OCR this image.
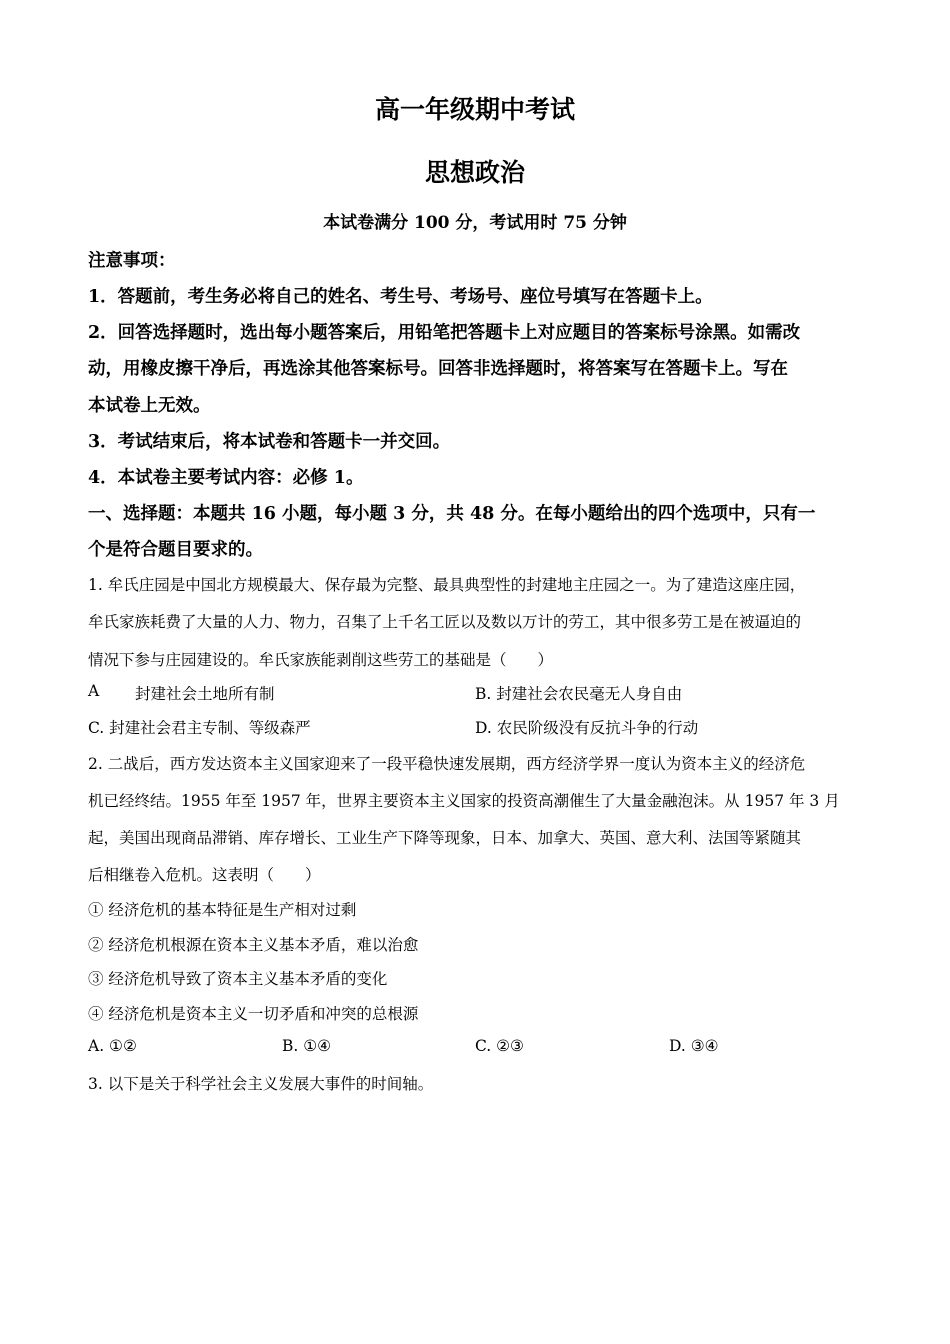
高一年级期中考试
思想政治
本试卷满分 100 分，考试用时 75 分钟
注意事项：
1．答题前，考生务必将自己的姓名、考生号、考场号、座位号填写在答题卡上。
2．回答选择题时，选出每小题答案后，用铅笔把答题卡上对应题目的答案标号涂黑。如需改
动，用橡皮擦干净后，再选涂其他答案标号。回答非选择题时，将答案写在答题卡上。写在
本试卷上无效。
3．考试结束后，将本试卷和答题卡一并交回。
4．本试卷主要考试内容：必修 1。
一、选择题：本题共 16 小题，每小题 3 分，共 48 分。在每小题给出的四个选项中，只有一
个是符合题目要求的。
1. 牟氏庄园是中国北方规模最大、保存最为完整、最具典型性的封建地主庄园之一。为了建造这座庄园，
牟氏家族耗费了大量的人力、物力，召集了上千名工匠以及数以万计的劳工，其中很多劳工是在被逼迫的
情况下参与庄园建设的。牟氏家族能剥削这些劳工的基础是（　　）
A 封建社会土地所有制	B. 封建社会农民毫无人身自由
C. 封建社会君主专制、等级森严	D. 农民阶级没有反抗斗争的行动
2. 二战后，西方发达资本主义国家迎来了一段平稳快速发展期，西方经济学界一度认为资本主义的经济危
机已经终结。1955 年至 1957 年，世界主要资本主义国家的投资高潮催生了大量金融泡沫。从 1957 年 3 月
起，美国出现商品滞销、库存增长、工业生产下降等现象，日本、加拿大、英国、意大利、法国等紧随其
后相继卷入危机。这表明（　　）
① 经济危机的基本特征是生产相对过剩
② 经济危机根源在资本主义基本矛盾，难以治愈
③ 经济危机导致了资本主义基本矛盾的变化
④ 经济危机是资本主义一切矛盾和冲突的总根源
A. ①②	B. ①④	C. ②③	D. ③④
3. 以下是关于科学社会主义发展大事件的时间轴。
